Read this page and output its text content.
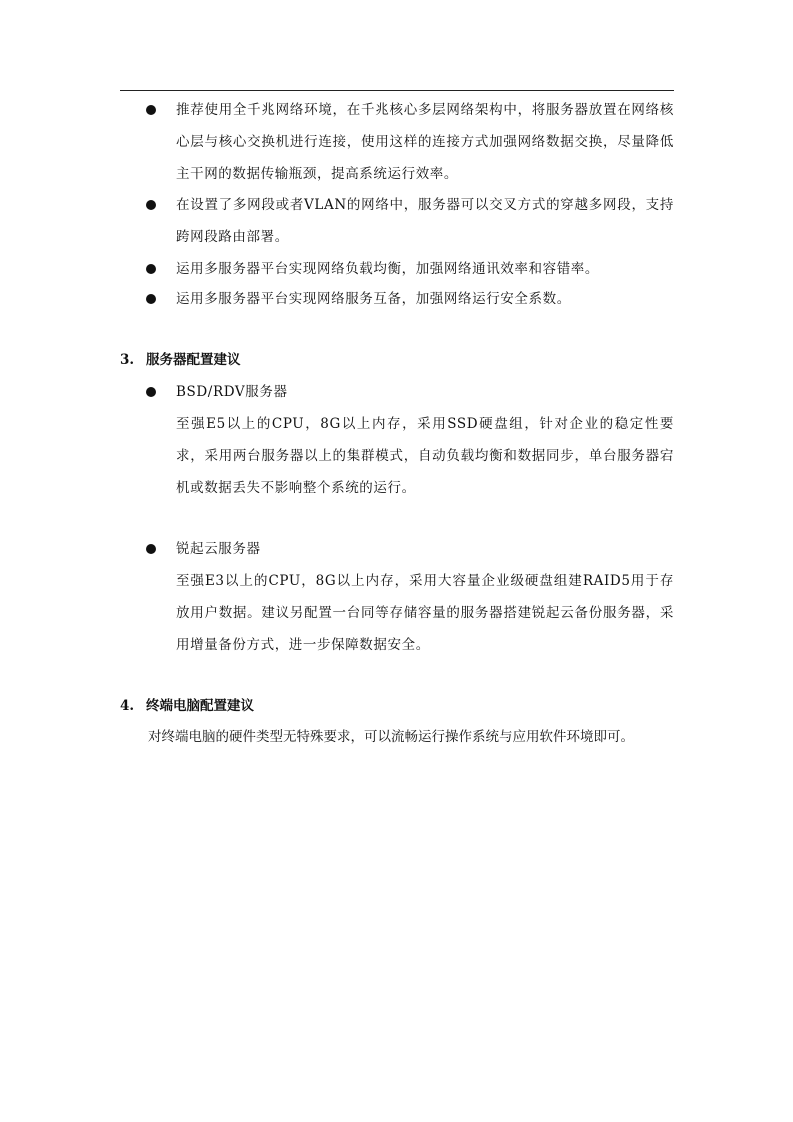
推荐使用全千兆网络环境，在千兆核心多层网络架构中，将服务器放置在网络核心层与核心交换机进行连接，使用这样的连接方式加强网络数据交换，尽量降低主干网的数据传输瓶颈，提高系统运行效率。
在设置了多网段或者VLAN的网络中，服务器可以交叉方式的穿越多网段，支持跨网段路由部署。
运用多服务器平台实现网络负载均衡，加强网络通讯效率和容错率。
运用多服务器平台实现网络服务互备，加强网络运行安全系数。
3. 服务器配置建议
BSD/RDV服务器
至强E5以上的CPU，8G以上内存，采用SSD硬盘组，针对企业的稳定性要求，采用两台服务器以上的集群模式，自动负载均衡和数据同步，单台服务器宕机或数据丢失不影响整个系统的运行。
锐起云服务器
至强E3以上的CPU，8G以上内存，采用大容量企业级硬盘组建RAID5用于存放用户数据。建议另配置一台同等存储容量的服务器搭建锐起云备份服务器，采用增量备份方式，进一步保障数据安全。
4. 终端电脑配置建议
对终端电脑的硬件类型无特殊要求，可以流畅运行操作系统与应用软件环境即可。
